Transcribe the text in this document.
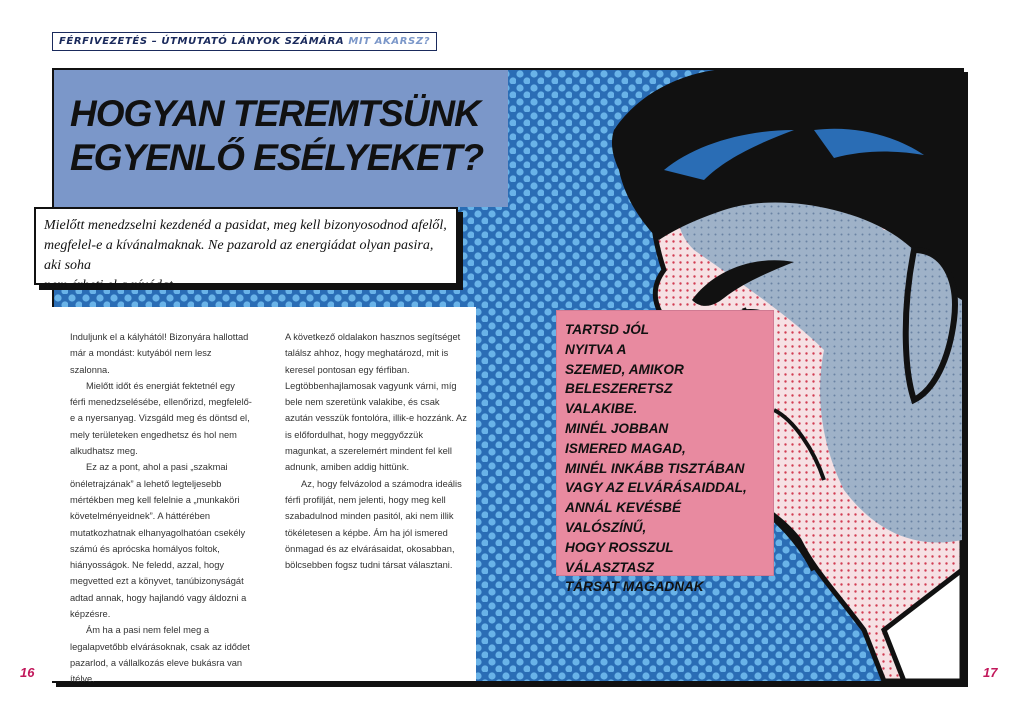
FÉRFIVEZETÉS – ÚTMUTATÓ LÁNYOK SZÁMÁRA MIT AKARSZ?
HOGYAN TEREMTSÜNK
EGYENLŐ ESÉLYEKET?
Mielőtt menedzselni kezdenéd a pasidat, meg kell bizonyosodnod afelől,
megfelel-e a kívánalmaknak. Ne pazarold az energiádat olyan pasira, aki soha
nem érheti el a nívódat

Induljunk el a kályhától! Bizonyára hallottad már a mondást: kutyából nem lesz szalonna.

Mielőtt időt és energiát fektetnél egy férfi menedzselésébe, ellenőrizd, megfelelő-e a nyersanyag. Vizsgáld meg és döntsd el, mely területeken engedhetsz és hol nem alkudhatsz meg.

Ez az a pont, ahol a pasi „szakmai önéletrajzának” a lehető legteljesebb mértékben meg kell felelnie a „munkaköri követelményeidnek”. A háttérében mutatkozhatnak elhanyagolhatóan csekély számú és aprócska homályos foltok, hiányosságok. Ne feledd, azzal, hogy megvetted ezt a könyvet, tanúbizonyságát adtad annak, hogy hajlandó vagy áldozni a képzésre.

Ám ha a pasi nem felel meg a legalapvetőbb elvárásoknak, csak az idődet pazarlod, a vállalkozás eleve bukásra van ítélve.

A következő oldalakon hasznos segítséget találsz ahhoz, hogy meghatározd, mit is keresel pontosan egy férfiban. Legtöbbenhajlamosak vagyunk várni, míg bele nem szeretünk valakibe, és csak azután vesszük fontolóra, illik-e hozzánk. Az is előfordulhat, hogy meggyőzzük magunkat, a szerelemért mindent fel kell adnunk, amiben addig hittünk.

Az, hogy felvázolod a számodra ideális férfi profilját, nem jelenti, hogy meg kell szabadulnod minden pasitól, aki nem illik tökéletesen a képbe. Ám ha jól ismered önmagad és az elvárásaidat, okosabban, bölcsebben fogsz tudni társat választani.

TARTSD JÓL
NYITVA A
SZEMED, AMIKOR
BELESZERETSZ
VALAKIBE.
MINÉL JOBBAN
ISMERED MAGAD,
MINÉL INKÁBB TISZTÁBAN
VAGY AZ ELVÁRÁSAIDDAL,
ANNÁL KEVÉSBÉ VALÓSZÍNŰ,
HOGY ROSSZUL VÁLASZTASZ
TÁRSAT MAGADNAK
16	17
